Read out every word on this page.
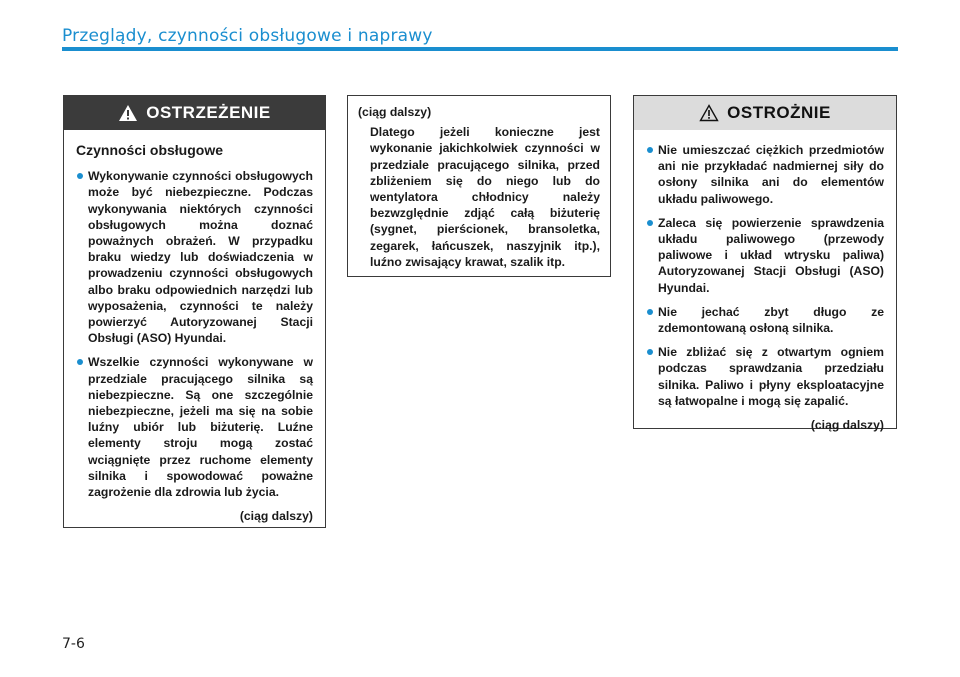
Przeglądy, czynności obsługowe i naprawy
OSTRZEŻENIE
Czynności obsługowe
Wykonywanie czynności obsługowych może być niebezpieczne. Podczas wykonywania niektórych czynności obsługowych można doznać poważnych obrażeń. W przypadku braku wiedzy lub doświadczenia w prowadzeniu czynności obsługowych albo braku odpowiednich narzędzi lub wyposażenia, czynności te należy powierzyć Autoryzowanej Stacji Obsługi (ASO) Hyundai.
Wszelkie czynności wykonywane w przedziale pracującego silnika są niebezpieczne. Są one szczególnie niebezpieczne, jeżeli ma się na sobie luźny ubiór lub biżuterię. Luźne elementy stroju mogą zostać wciągnięte przez ruchome elementy silnika i spowodować poważne zagrożenie dla zdrowia lub życia.
(ciąg dalszy)
(ciąg dalszy)
Dlatego jeżeli konieczne jest wykonanie jakichkolwiek czynności w przedziale pracującego silnika, przed zbliżeniem się do niego lub do wentylatora chłodnicy należy bezwzględnie zdjąć całą biżuterię (sygnet, pierścionek, bransoletka, zegarek, łańcuszek, naszyjnik itp.), luźno zwisający krawat, szalik itp.
OSTROŻNIE
Nie umieszczać ciężkich przedmiotów ani nie przykładać nadmiernej siły do osłony silnika ani do elementów układu paliwowego.
Zaleca się powierzenie sprawdzenia układu paliwowego (przewody paliwowe i układ wtrysku paliwa) Autoryzowanej Stacji Obsługi (ASO) Hyundai.
Nie jechać zbyt długo ze zdemontowaną osłoną silnika.
Nie zbliżać się z otwartym ogniem podczas sprawdzania przedziału silnika. Paliwo i płyny eksploatacyjne są łatwopalne i mogą się zapalić.
(ciąg dalszy)
7-6
